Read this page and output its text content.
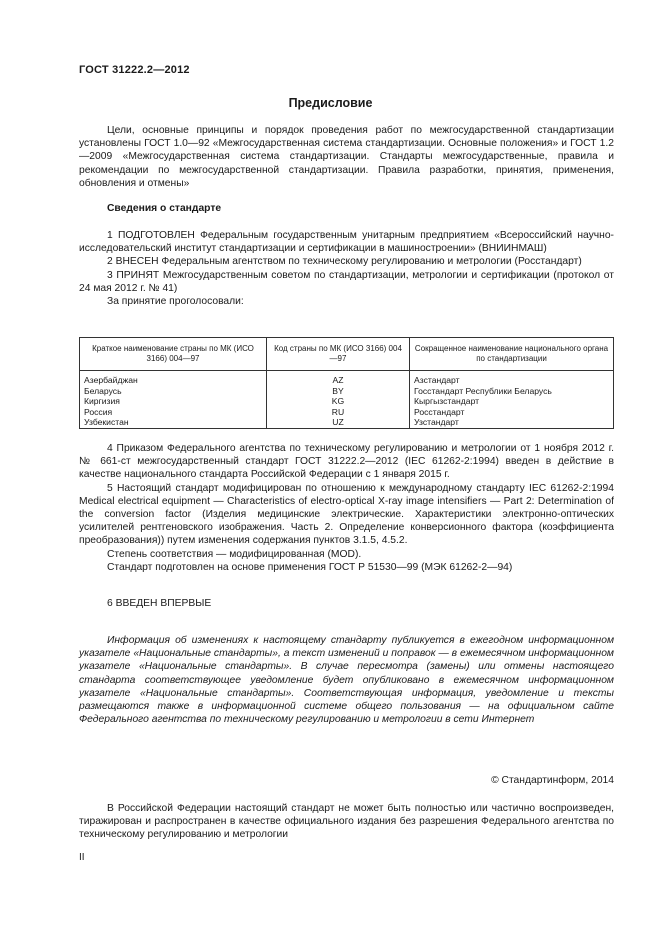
ГОСТ 31222.2—2012
Предисловие

Цели, основные принципы и порядок проведения работ по межгосударственной стандартизации установлены ГОСТ 1.0—92 «Межгосударственная система стандартизации. Основные положения» и ГОСТ 1.2—2009 «Межгосударственная система стандартизации. Стандарты межгосударственные, правила и рекомендации по межгосударственной стандартизации. Правила разработки, принятия, применения, обновления и отмены»

Сведения о стандарте

1 ПОДГОТОВЛЕН Федеральным государственным унитарным предприятием «Всероссийский научно-исследовательский институт стандартизации и сертификации в машиностроении» (ВНИИНМАШ)

2 ВНЕСЕН Федеральным агентством по техническому регулированию и метрологии (Росстандарт)

3 ПРИНЯТ Межгосударственным советом по стандартизации, метрологии и сертификации (протокол от 24 мая 2012 г. № 41)

За принятие проголосовали:

Краткое наименование страны по МК (ИСО 3166) 004—97	Код страны по МК (ИСО 3166) 004—97	Сокращенное наименование национального органа по стандартизации
Азербайджан	AZ	Азстандарт
Беларусь	BY	Госстандарт Республики Беларусь
Киргизия	KG	Кыргызстандарт
Россия	RU	Росстандарт
Узбекистан	UZ	Узстандарт

4 Приказом Федерального агентства по техническому регулированию и метрологии от 1 ноября 2012 г. № 661-ст межгосударственный стандарт ГОСТ 31222.2—2012 (IEC 61262-2:1994) введен в действие в качестве национального стандарта Российской Федерации с 1 января 2015 г.

5 Настоящий стандарт модифицирован по отношению к международному стандарту IEC 61262-2:1994 Medical electrical equipment — Characteristics of electro-optical X-ray image intensifiers — Part 2: Determination of the conversion factor (Изделия медицинские электрические. Характеристики электронно-оптических усилителей рентгеновского изображения. Часть 2. Определение конверсионного фактора (коэффициента преобразования)) путем изменения содержания пунктов 3.1.5, 4.5.2.

Степень соответствия — модифицированная (MOD).

Стандарт подготовлен на основе применения ГОСТ Р 51530—99 (МЭК 61262-2—94)

6 ВВЕДЕН ВПЕРВЫЕ

Информация об изменениях к настоящему стандарту публикуется в ежегодном информационном указателе «Национальные стандарты», а текст изменений и поправок — в ежемесячном информационном указателе «Национальные стандарты». В случае пересмотра (замены) или отмены настоящего стандарта соответствующее уведомление будет опубликовано в ежемесячном информационном указателе «Национальные стандарты». Соответствующая информация, уведомление и тексты размещаются также в информационной системе общего пользования — на официальном сайте Федерального агентства по техническому регулированию и метрологии в сети Интернет

© Стандартинформ, 2014

В Российской Федерации настоящий стандарт не может быть полностью или частично воспроизведен, тиражирован и распространен в качестве официального издания без разрешения Федерального агентства по техническому регулированию и метрологии

II
